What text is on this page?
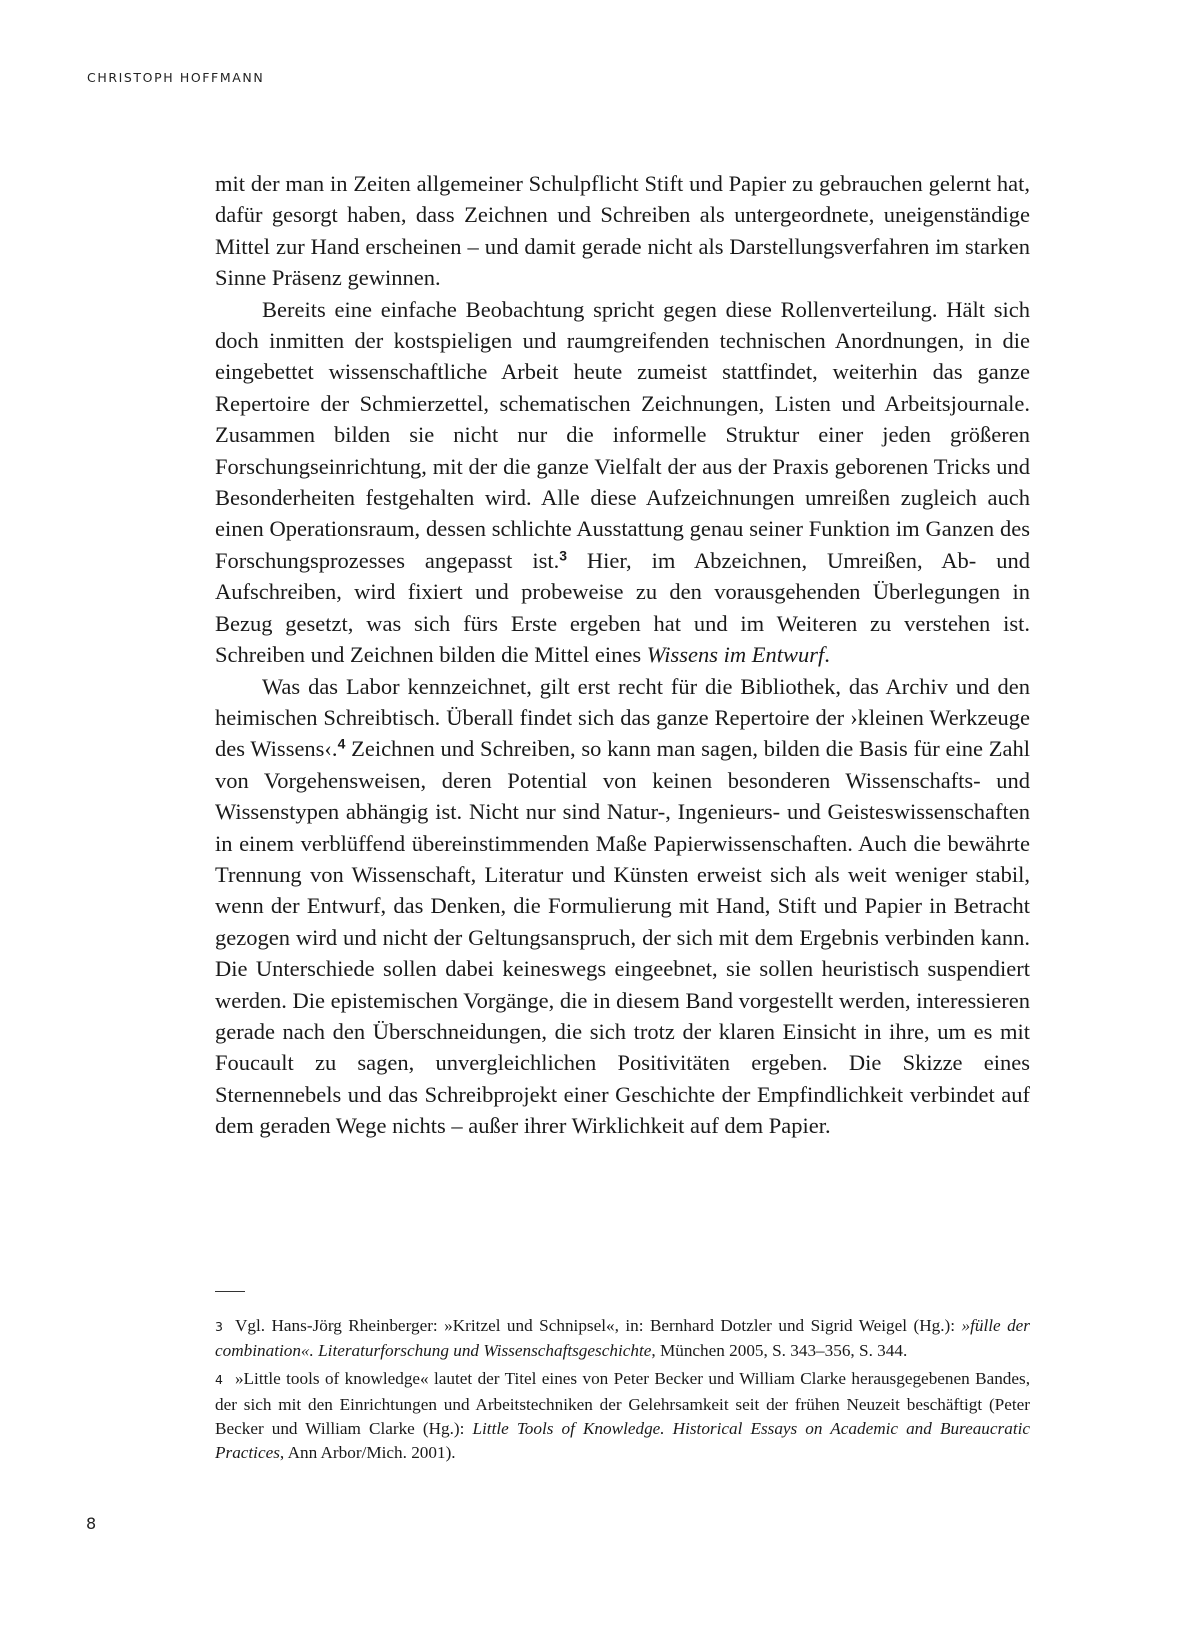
CHRISTOPH HOFFMANN

mit der man in Zeiten allgemeiner Schulpflicht Stift und Papier zu gebrauchen gelernt hat, dafür gesorgt haben, dass Zeichnen und Schreiben als untergeordnete, uneigenständige Mittel zur Hand erscheinen – und damit gerade nicht als Darstellungsverfahren im starken Sinne Präsenz gewinnen.

Bereits eine einfache Beobachtung spricht gegen diese Rollenverteilung. Hält sich doch inmitten der kostspieligen und raumgreifenden technischen Anordnungen, in die eingebettet wissenschaftliche Arbeit heute zumeist stattfindet, weiterhin das ganze Repertoire der Schmierzettel, schematischen Zeichnungen, Listen und Arbeitsjournale. Zusammen bilden sie nicht nur die informelle Struktur einer jeden größeren Forschungseinrichtung, mit der die ganze Vielfalt der aus der Praxis geborenen Tricks und Besonderheiten festgehalten wird. Alle diese Aufzeichnungen umreißen zugleich auch einen Operationsraum, dessen schlichte Ausstattung genau seiner Funktion im Ganzen des Forschungsprozesses angepasst ist.$^3$ Hier, im Abzeichnen, Umreißen, Ab- und Aufschreiben, wird fixiert und probeweise zu den vorausgehenden Überlegungen in Bezug gesetzt, was sich fürs Erste ergeben hat und im Weiteren zu verstehen ist. Schreiben und Zeichnen bilden die Mittel eines Wissens im Entwurf.

Was das Labor kennzeichnet, gilt erst recht für die Bibliothek, das Archiv und den heimischen Schreibtisch. Überall findet sich das ganze Repertoire der ›kleinen Werkzeuge des Wissens‹.$^4$ Zeichnen und Schreiben, so kann man sagen, bilden die Basis für eine Zahl von Vorgehensweisen, deren Potential von keinen besonderen Wissenschafts- und Wissenstypen abhängig ist. Nicht nur sind Natur-, Ingenieurs- und Geisteswissenschaften in einem verblüffend übereinstimmenden Maße Papierwissenschaften. Auch die bewährte Trennung von Wissenschaft, Literatur und Künsten erweist sich als weit weniger stabil, wenn der Entwurf, das Denken, die Formulierung mit Hand, Stift und Papier in Betracht gezogen wird und nicht der Geltungsanspruch, der sich mit dem Ergebnis verbinden kann. Die Unterschiede sollen dabei keineswegs eingeebnet, sie sollen heuristisch suspendiert werden. Die epistemischen Vorgänge, die in diesem Band vorgestellt werden, interessieren gerade nach den Überschneidungen, die sich trotz der klaren Einsicht in ihre, um es mit Foucault zu sagen, unvergleichlichen Positivitäten ergeben. Die Skizze eines Sternennebels und das Schreibprojekt einer Geschichte der Empfindlichkeit verbindet auf dem geraden Wege nichts – außer ihrer Wirklichkeit auf dem Papier.

3 Vgl. Hans-Jörg Rheinberger: »Kritzel und Schnipsel«, in: Bernhard Dotzler und Sigrid Weigel (Hg.): »fülle der combination«. Literaturforschung und Wissenschaftsgeschichte, München 2005, S. 343–356, S. 344.

4 »Little tools of knowledge« lautet der Titel eines von Peter Becker und William Clarke herausgegebenen Bandes, der sich mit den Einrichtungen und Arbeitstechniken der Gelehrsamkeit seit der frühen Neuzeit beschäftigt (Peter Becker und William Clarke (Hg.): Little Tools of Knowledge. Historical Essays on Academic and Bureaucratic Practices, Ann Arbor/Mich. 2001).

8
